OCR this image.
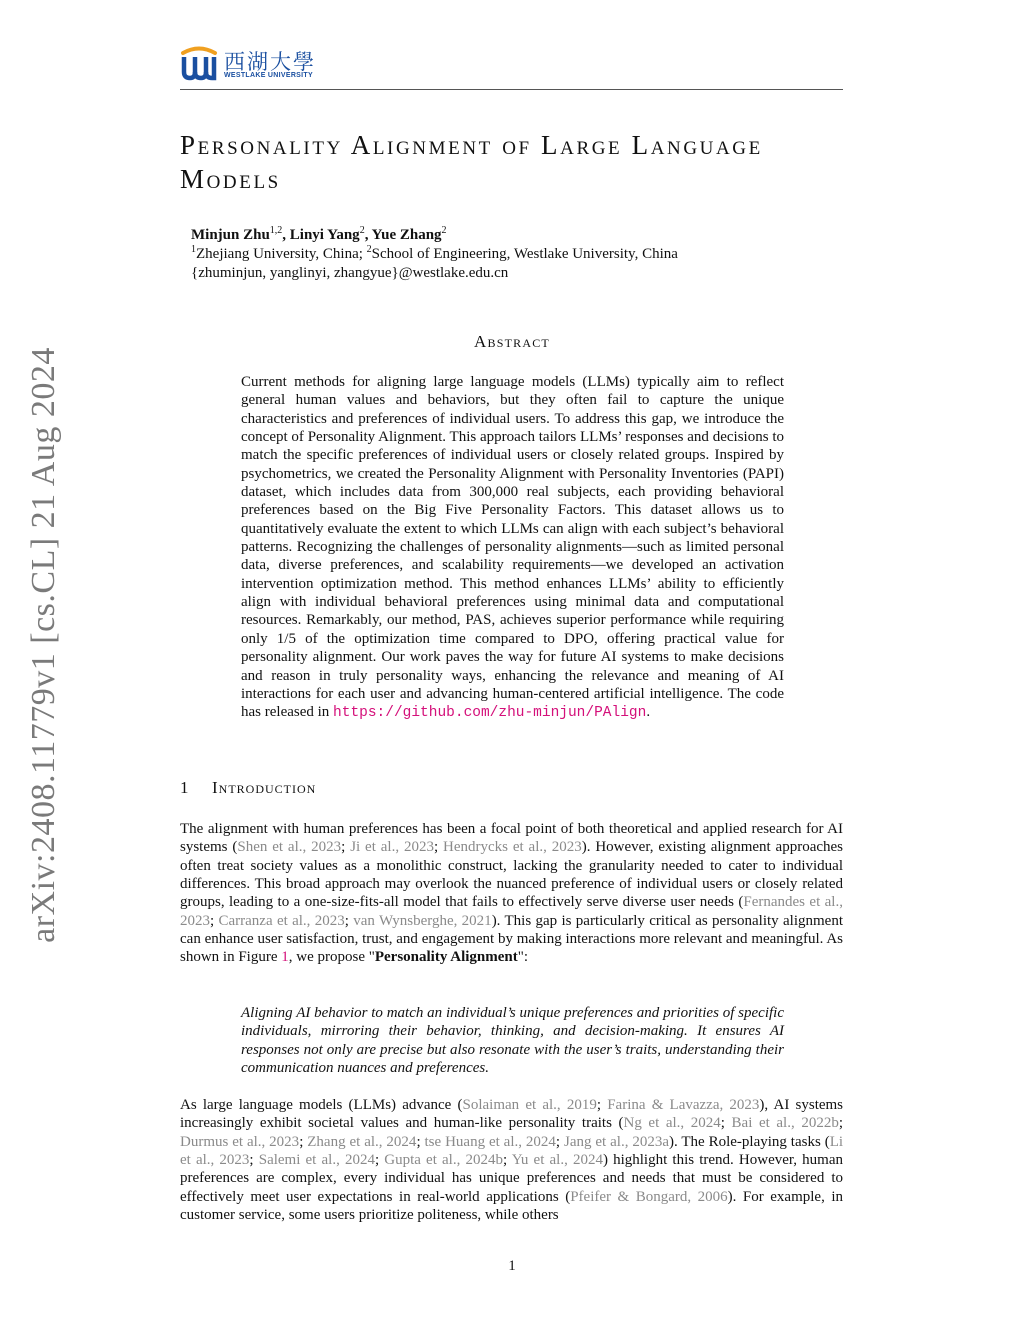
西湖大學
WESTLAKE UNIVERSITY
arXiv:2408.11779v1 [cs.CL] 21 Aug 2024
Personality Alignment of Large Language Models
Minjun Zhu$^{1,2}$, Linyi Yang$^2$, Yue Zhang$^2$
$^1$Zhejiang University, China; $^2$School of Engineering, Westlake University, China
{zhuminjun, yanglinyi, zhangyue}@westlake.edu.cn
Abstract
Current methods for aligning large language models (LLMs) typically aim to reflect general human values and behaviors, but they often fail to capture the unique characteristics and preferences of individual users. To address this gap, we introduce the concept of Personality Alignment. This approach tailors LLMs’ responses and decisions to match the specific preferences of individual users or closely related groups. Inspired by psychometrics, we created the Personality Alignment with Personality Inventories (PAPI) dataset, which includes data from 300,000 real subjects, each providing behavioral preferences based on the Big Five Personality Factors. This dataset allows us to quantitatively evaluate the extent to which LLMs can align with each subject’s behavioral patterns. Recognizing the challenges of personality alignments—such as limited personal data, diverse preferences, and scalability requirements—we developed an activation intervention optimization method. This method enhances LLMs’ ability to efficiently align with individual behavioral preferences using minimal data and computational resources. Remarkably, our method, PAS, achieves superior performance while requiring only 1/5 of the optimization time compared to DPO, offering practical value for personality alignment. Our work paves the way for future AI systems to make decisions and reason in truly personality ways, enhancing the relevance and meaning of AI interactions for each user and advancing human-centered artificial intelligence. The code has released in https://github.com/zhu-minjun/PAlign.
1 Introduction
The alignment with human preferences has been a focal point of both theoretical and applied research for AI systems (Shen et al., 2023; Ji et al., 2023; Hendrycks et al., 2023). However, existing alignment approaches often treat society values as a monolithic construct, lacking the granularity needed to cater to individual differences. This broad approach may overlook the nuanced preference of individual users or closely related groups, leading to a one-size-fits-all model that fails to effectively serve diverse user needs (Fernandes et al., 2023; Carranza et al., 2023; van Wynsberghe, 2021). This gap is particularly critical as personality alignment can enhance user satisfaction, trust, and engagement by making interactions more relevant and meaningful. As shown in Figure 1, we propose "Personality Alignment":
Aligning AI behavior to match an individual’s unique preferences and priorities of specific individuals, mirroring their behavior, thinking, and decision-making. It ensures AI responses not only are precise but also resonate with the user’s traits, understanding their communication nuances and preferences.
As large language models (LLMs) advance (Solaiman et al., 2019; Farina & Lavazza, 2023), AI systems increasingly exhibit societal values and human-like personality traits (Ng et al., 2024; Bai et al., 2022b; Durmus et al., 2023; Zhang et al., 2024; tse Huang et al., 2024; Jang et al., 2023a). The Role-playing tasks (Li et al., 2023; Salemi et al., 2024; Gupta et al., 2024b; Yu et al., 2024) highlight this trend. However, human preferences are complex, every individual has unique preferences and needs that must be considered to effectively meet user expectations in real-world applications (Pfeifer & Bongard, 2006). For example, in customer service, some users prioritize politeness, while others
1
